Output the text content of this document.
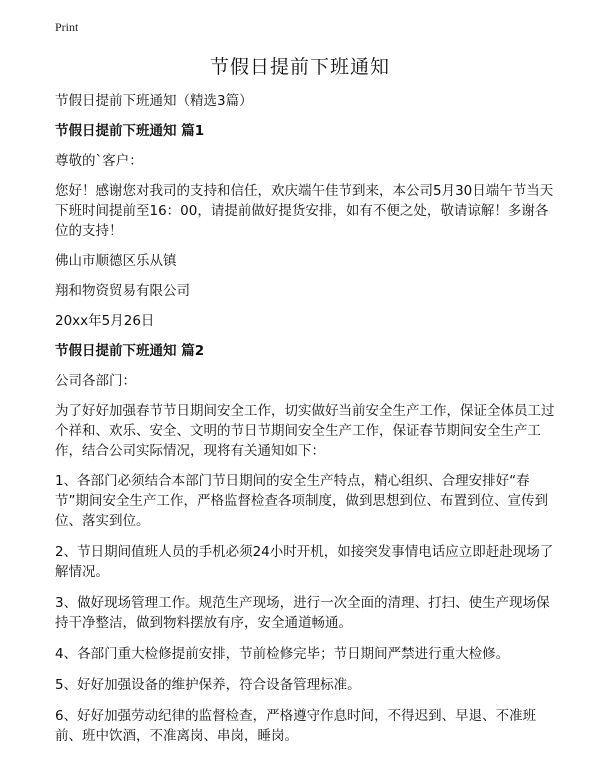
Print
节假日提前下班通知

节假日提前下班通知（精选3篇）

节假日提前下班通知 篇1

尊敬的`客户：

您好！感谢您对我司的支持和信任，欢庆端午佳节到来，本公司5月30日端午节当天下班时间提前至16：00，请提前做好提货安排，如有不便之处，敬请谅解！多谢各位的支持！

佛山市顺德区乐从镇

翔和物资贸易有限公司

20xx年5月26日

节假日提前下班通知 篇2

公司各部门：

为了好好加强春节节日期间安全工作，切实做好当前安全生产工作，保证全体员工过个祥和、欢乐、安全、文明的节日节期间安全生产工作，保证春节期间安全生产工作，结合公司实际情况，现将有关通知如下：

1、各部门必须结合本部门节日期间的安全生产特点，精心组织、合理安排好“春节”期间安全生产工作，严格监督检查各项制度，做到思想到位、布置到位、宣传到位、落实到位。

2、节日期间值班人员的手机必须24小时开机，如接突发事情电话应立即赶赴现场了解情况。

3、做好现场管理工作。规范生产现场，进行一次全面的清理、打扫、使生产现场保持干净整洁，做到物料摆放有序，安全通道畅通。

4、各部门重大检修提前安排，节前检修完毕；节日期间严禁进行重大检修。

5、好好加强设备的维护保养，符合设备管理标准。

6、好好加强劳动纪律的监督检查，严格遵守作息时间，不得迟到、早退、不准班前、班中饮酒，不准离岗、串岗，睡岗。
